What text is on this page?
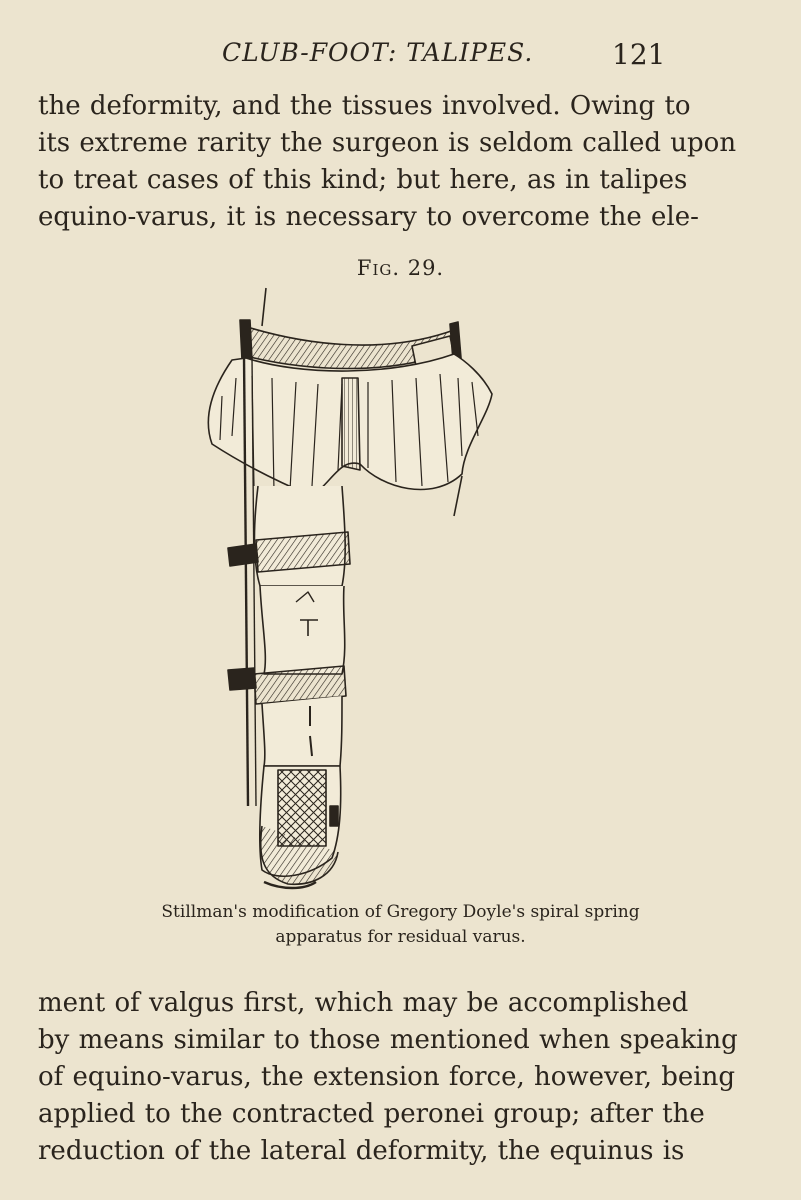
CLUB-FOOT: TALIPES.	121

the deformity, and the tissues involved. Owing to
its extreme rarity the surgeon is seldom called upon
to treat cases of this kind; but here, as in talipes
equino-varus, it is necessary to overcome the ele-

Fig. 29.
Stillman's modification of Gregory Doyle's spiral spring
apparatus for residual varus.

ment of valgus first, which may be accomplished
by means similar to those mentioned when speaking
of equino-varus, the extension force, however, being
applied to the contracted peronei group; after the
reduction of the lateral deformity, the equinus is
